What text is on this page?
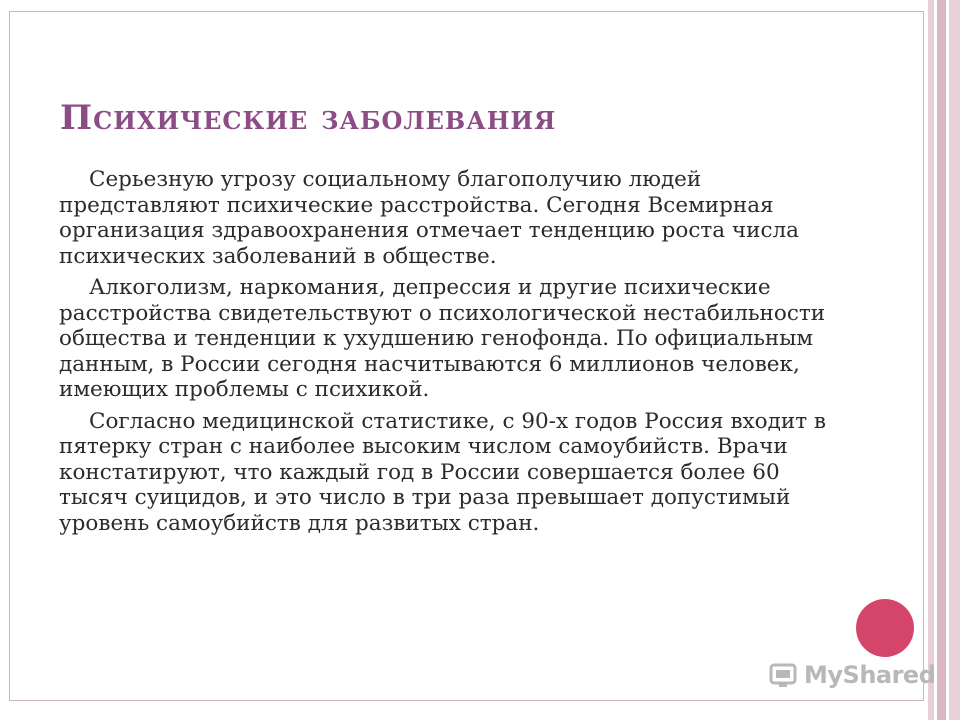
Психические заболевания

Серьезную угрозу социальному благополучию людей представляют психические расстройства. Сегодня Всемирная организация здравоохранения отмечает тенденцию роста числа психических заболеваний в обществе.

Алкоголизм, наркомания, депрессия и другие психические расстройства свидетельствуют о психологической нестабильности общества и тенденции к ухудшению генофонда. По официальным данным, в России сегодня насчитываются 6 миллионов человек, имеющих проблемы с психикой.

Согласно медицинской статистике, с 90-х годов Россия входит в пятерку стран с наиболее высоким числом самоубийств. Врачи констатируют, что каждый год в России совершается более 60 тысяч суицидов, и это число в три раза превышает допустимый уровень самоубийств для развитых стран.

MyShared
